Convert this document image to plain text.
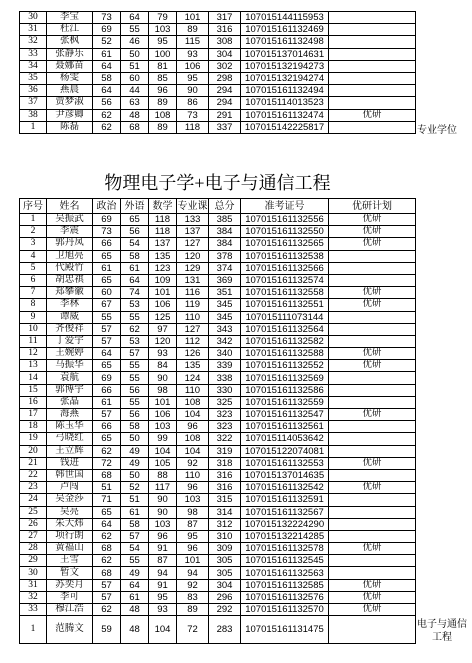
30	李宝	73	64	79	101	317	107015144115953	
31	杜江	69	55	103	89	316	107015161132469	
32	张枫	52	46	95	115	308	107015161132498	
33	张静乐	61	50	100	93	304	107015137014631	
34	聂娜苗	64	51	81	106	302	107015132194273	
35	杨雯	58	60	85	95	298	107015132194274	
36	燕晨	64	44	96	90	294	107015161132494	
37	贾梦淑	56	63	89	86	294	107015114013523	
38	尹彦卿	62	48	108	73	291	107015161132474	优研
1	陈磊	62	68	89	118	337	107015142225817		专业学位
物理电子学+电子与通信工程
序号	姓名	政治	外语	数学	专业课	总分	准考证号	优研计划
1	吴振武	69	65	118	133	385	107015161132556	优研
2	李震	73	56	118	137	384	107015161132550	优研
3	郭丹凤	66	54	137	127	384	107015161132565	优研
4	卫旭亮	65	58	135	120	378	107015161132538	
5	代殿竹	61	61	123	129	374	107015161132566	
6	胡忠祺	65	64	109	131	369	107015161132574	
7	郑攀徽	60	74	101	116	351	107015161132558	优研
8	李林	67	53	106	119	345	107015161132551	优研
9	谭威	55	55	125	110	345	107015111073144	
10	齐俊祥	57	62	97	127	343	107015161132564	
11	丁爱宇	57	53	120	112	342	107015161132582	
12	王婉婷	64	57	93	126	340	107015161132588	优研
13	马振华	65	55	84	135	339	107015161132552	优研
14	袁航	69	55	90	124	338	107015161132569	
15	郭博宇	66	56	98	110	330	107015161132586	
16	张晶	61	55	101	108	325	107015161132559	
17	海燕	57	56	106	104	323	107015161132547	优研
18	陈玉华	66	58	103	96	323	107015161132561	
19	弓晓红	65	50	99	108	322	107015114053642	
20	王立辉	62	49	104	104	319	107015122074081	
21	钱进	72	49	105	92	318	107015161132553	优研
22	韩世国	68	50	88	110	316	107015137014635	
23	卢闯	51	52	117	96	316	107015161132542	优研
24	吴金莎	71	51	90	103	315	107015161132591	
25	吴亮	65	61	90	98	314	107015161132567	
26	朱大炜	64	58	103	87	312	107015132224290	
27	项行朗	62	57	96	95	310	107015132214285	
28	黄福山	68	54	91	96	309	107015161132578	优研
29	王雪	62	55	87	101	305	107015161132545	
30	暂文	68	49	94	94	305	107015161132563	
31	苏奕月	57	64	91	92	304	107015161132585	优研
32	李可	57	61	95	83	296	107015161132576	优研
33	穆江浩	62	48	93	89	292	107015161132570	优研
1	范腾文	59	48	104	72	283	107015161131475		电子与通信工程
